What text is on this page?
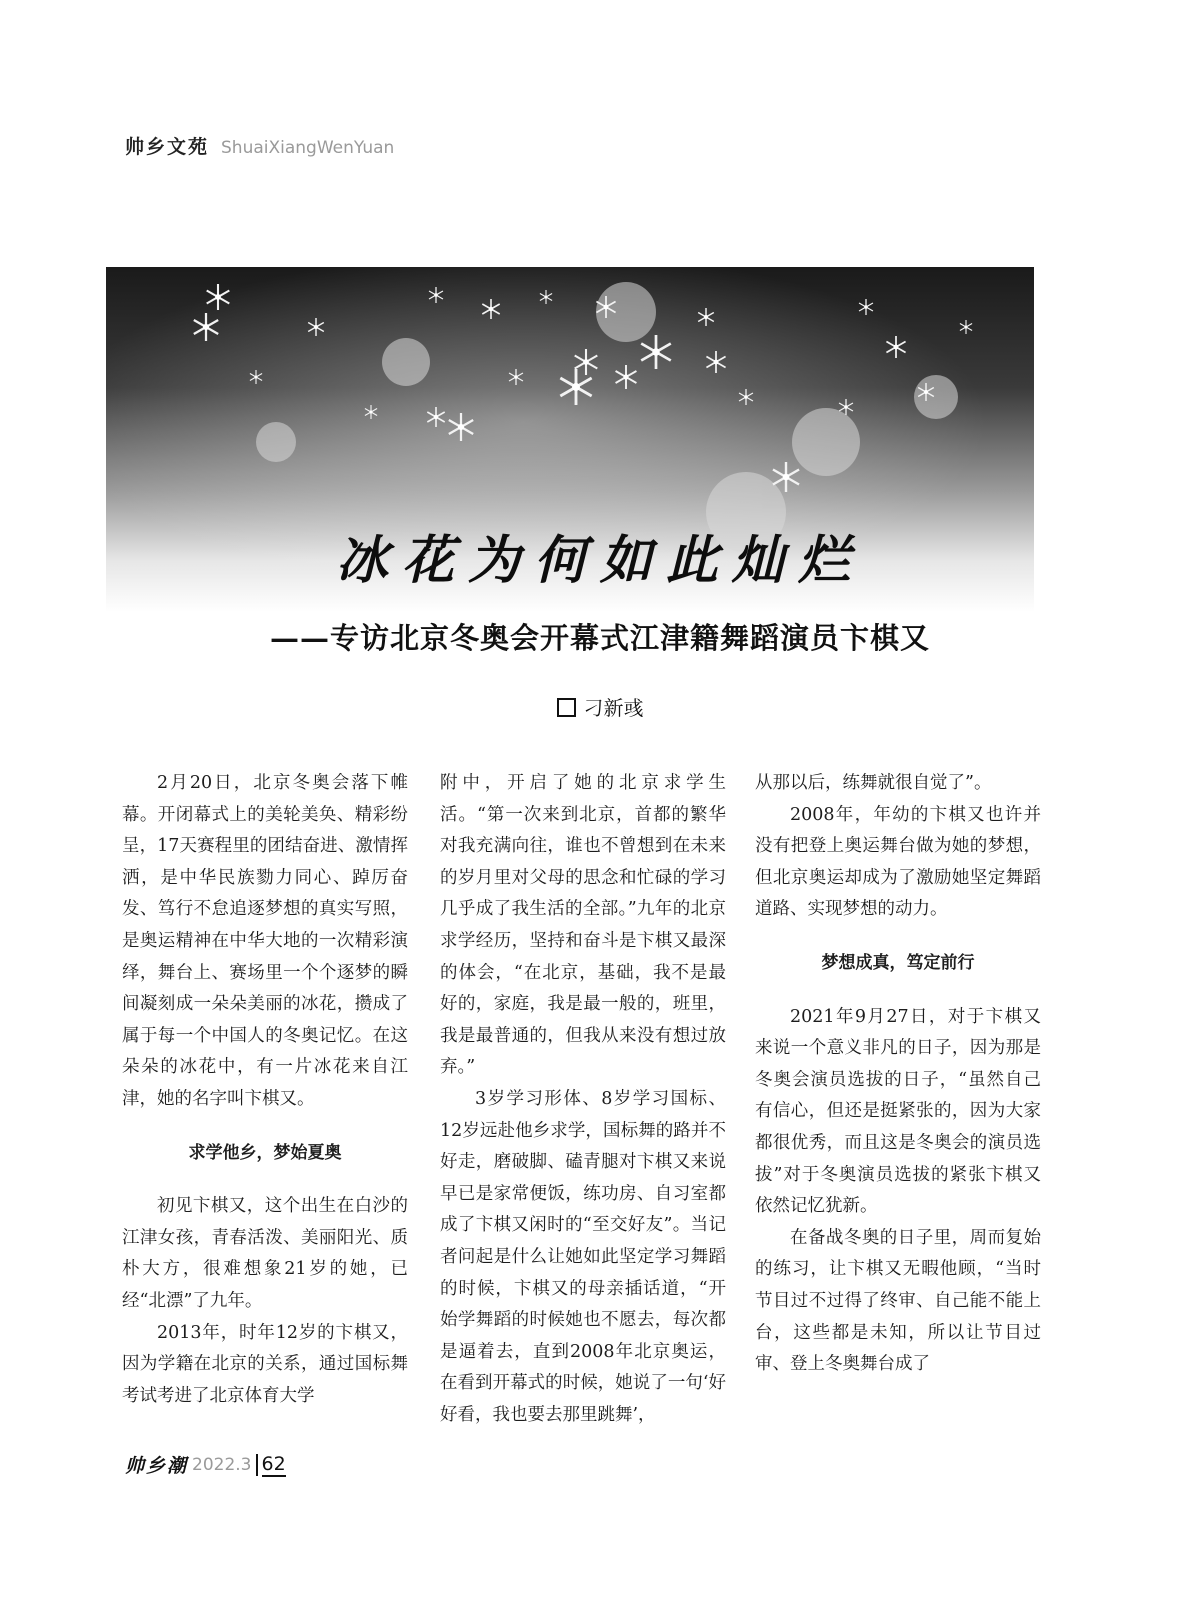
帅乡文苑 ShuaiXiangWenYuan
冰花为何如此灿烂
——专访北京冬奥会开幕式江津籍舞蹈演员卞棋又
刁新彧

2月20日，北京冬奥会落下帷幕。开闭幕式上的美轮美奂、精彩纷呈，17天赛程里的团结奋进、激情挥洒，是中华民族勠力同心、踔厉奋发、笃行不怠追逐梦想的真实写照，是奥运精神在中华大地的一次精彩演绎，舞台上、赛场里一个个逐梦的瞬间凝刻成一朵朵美丽的冰花，攒成了属于每一个中国人的冬奥记忆。在这朵朵的冰花中，有一片冰花来自江津，她的名字叫卞棋又。

求学他乡，梦始夏奥

初见卞棋又，这个出生在白沙的江津女孩，青春活泼、美丽阳光、质朴大方，很难想象21岁的她，已经“北漂”了九年。

2013年，时年12岁的卞棋又，因为学籍在北京的关系，通过国标舞考试考进了北京体育大学

附中，开启了她的北京求学生活。“第一次来到北京，首都的繁华对我充满向往，谁也不曾想到在未来的岁月里对父母的思念和忙碌的学习几乎成了我生活的全部。”九年的北京求学经历，坚持和奋斗是卞棋又最深的体会，“在北京，基础，我不是最好的，家庭，我是最一般的，班里，我是最普通的，但我从来没有想过放弃。”

3岁学习形体、8岁学习国标、12岁远赴他乡求学，国标舞的路并不好走，磨破脚、磕青腿对卞棋又来说早已是家常便饭，练功房、自习室都成了卞棋又闲时的“至交好友”。当记者问起是什么让她如此坚定学习舞蹈的时候，卞棋又的母亲插话道，“开始学舞蹈的时候她也不愿去，每次都是逼着去，直到2008年北京奥运，在看到开幕式的时候，她说了一句‘好好看，我也要去那里跳舞’，

从那以后，练舞就很自觉了”。

2008年，年幼的卞棋又也许并没有把登上奥运舞台做为她的梦想，但北京奥运却成为了激励她坚定舞蹈道路、实现梦想的动力。

梦想成真，笃定前行

2021年9月27日，对于卞棋又来说一个意义非凡的日子，因为那是冬奥会演员选拔的日子，“虽然自己有信心，但还是挺紧张的，因为大家都很优秀，而且这是冬奥会的演员选拔”对于冬奥演员选拔的紧张卞棋又依然记忆犹新。

在备战冬奥的日子里，周而复始的练习，让卞棋又无暇他顾，“当时节目过不过得了终审、自己能不能上台，这些都是未知，所以让节目过审、登上冬奥舞台成了

帅乡潮 2022.3 62
